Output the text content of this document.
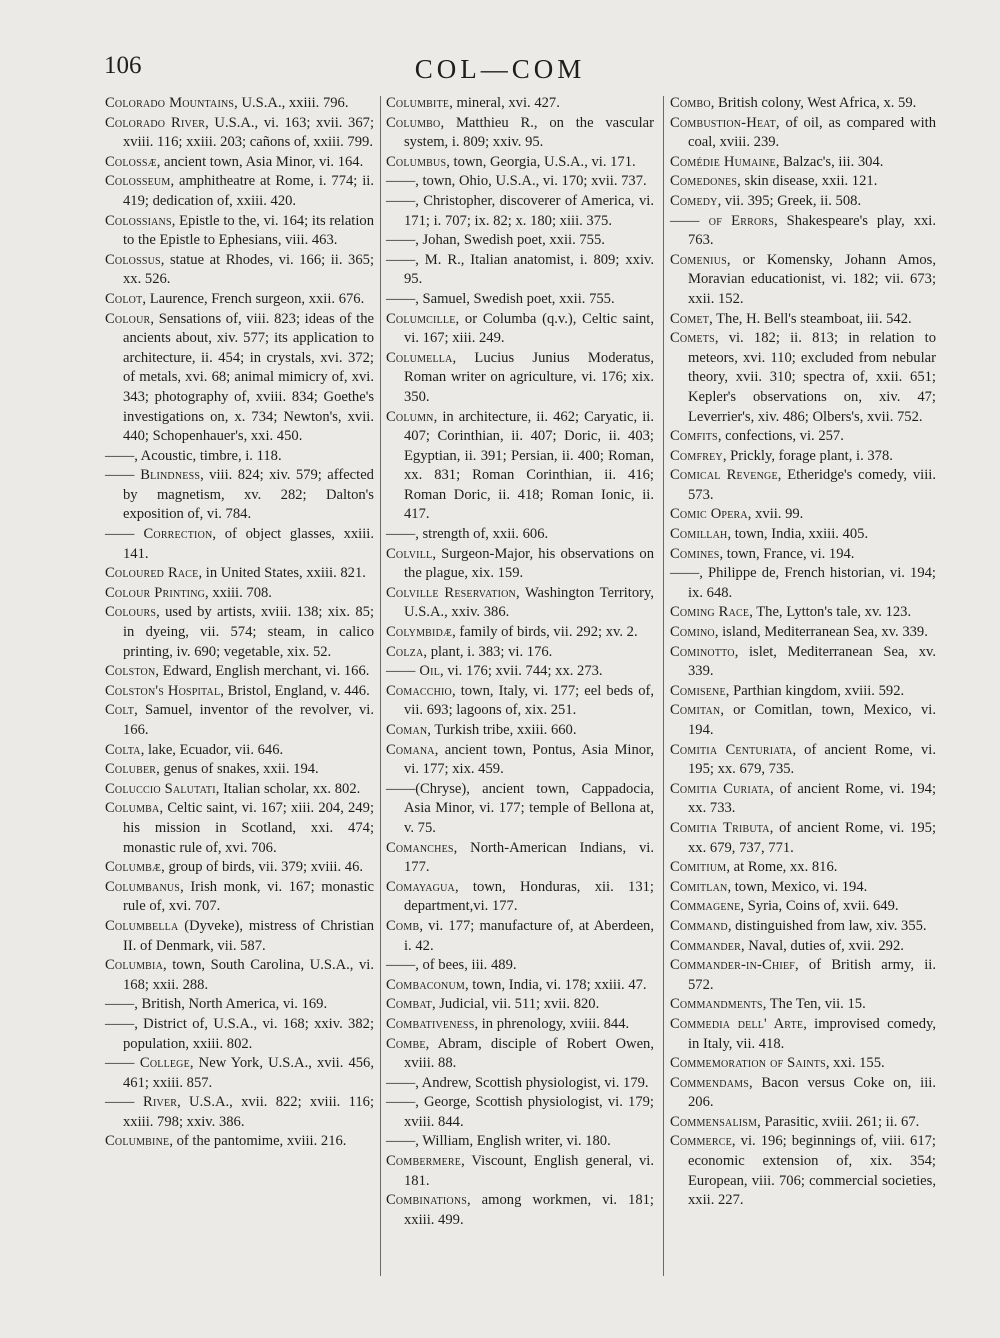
106	COL—COM

Colorado Mountains, U.S.A., xxiii. 796.

Colorado River, U.S.A., vi. 163; xvii. 367; xviii. 116; xxiii. 203; cañons of, xxiii. 799.

Colossæ, ancient town, Asia Minor, vi. 164.

Colosseum, amphitheatre at Rome, i. 774; ii. 419; dedication of, xxiii. 420.

Colossians, Epistle to the, vi. 164; its relation to the Epistle to Ephesians, viii. 463.

Colossus, statue at Rhodes, vi. 166; ii. 365; xx. 526.

Colot, Laurence, French surgeon, xxii. 676.

Colour, Sensations of, viii. 823; ideas of the ancients about, xiv. 577; its application to architecture, ii. 454; in crystals, xvi. 372; of metals, xvi. 68; animal mimicry of, xvi. 343; photography of, xviii. 834; Goethe's investigations on, x. 734; Newton's, xvii. 440; Schopenhauer's, xxi. 450.

——, Acoustic, timbre, i. 118.

—— Blindness, viii. 824; xiv. 579; affected by magnetism, xv. 282; Dalton's exposition of, vi. 784.

—— Correction, of object glasses, xxiii. 141.

Coloured Race, in United States, xxiii. 821.

Colour Printing, xxiii. 708.

Colours, used by artists, xviii. 138; xix. 85; in dyeing, vii. 574; steam, in calico printing, iv. 690; vegetable, xix. 52.

Colston, Edward, English merchant, vi. 166.

Colston's Hospital, Bristol, England, v. 446.

Colt, Samuel, inventor of the revolver, vi. 166.

Colta, lake, Ecuador, vii. 646.

Coluber, genus of snakes, xxii. 194.

Coluccio Salutati, Italian scholar, xx. 802.

Columba, Celtic saint, vi. 167; xiii. 204, 249; his mission in Scotland, xxi. 474; monastic rule of, xvi. 706.

Columbæ, group of birds, vii. 379; xviii. 46.

Columbanus, Irish monk, vi. 167; monastic rule of, xvi. 707.

Columbella (Dyveke), mistress of Christian II. of Denmark, vii. 587.

Columbia, town, South Carolina, U.S.A., vi. 168; xxii. 288.

——, British, North America, vi. 169.

——, District of, U.S.A., vi. 168; xxiv. 382; population, xxiii. 802.

—— College, New York, U.S.A., xvii. 456, 461; xxiii. 857.

—— River, U.S.A., xvii. 822; xviii. 116; xxiii. 798; xxiv. 386.

Columbine, of the pantomime, xviii. 216.

Columbite, mineral, xvi. 427.

Columbo, Matthieu R., on the vascular system, i. 809; xxiv. 95.

Columbus, town, Georgia, U.S.A., vi. 171.

——, town, Ohio, U.S.A., vi. 170; xvii. 737.

——, Christopher, discoverer of America, vi. 171; i. 707; ix. 82; x. 180; xiii. 375.

——, Johan, Swedish poet, xxii. 755.

——, M. R., Italian anatomist, i. 809; xxiv. 95.

——, Samuel, Swedish poet, xxii. 755.

Columcille, or Columba (q.v.), Celtic saint, vi. 167; xiii. 249.

Columella, Lucius Junius Moderatus, Roman writer on agriculture, vi. 176; xix. 350.

Column, in architecture, ii. 462; Caryatic, ii. 407; Corinthian, ii. 407; Doric, ii. 403; Egyptian, ii. 391; Persian, ii. 400; Roman, xx. 831; Roman Corinthian, ii. 416; Roman Doric, ii. 418; Roman Ionic, ii. 417.

——, strength of, xxii. 606.

Colvill, Surgeon-Major, his observations on the plague, xix. 159.

Colville Reservation, Washington Territory, U.S.A., xxiv. 386.

Colymbidæ, family of birds, vii. 292; xv. 2.

Colza, plant, i. 383; vi. 176.

—— Oil, vi. 176; xvii. 744; xx. 273.

Comacchio, town, Italy, vi. 177; eel beds of, vii. 693; lagoons of, xix. 251.

Coman, Turkish tribe, xxiii. 660.

Comana, ancient town, Pontus, Asia Minor, vi. 177; xix. 459.

——(Chryse), ancient town, Cappadocia, Asia Minor, vi. 177; temple of Bellona at, v. 75.

Comanches, North-American Indians, vi. 177.

Comayagua, town, Honduras, xii. 131; department,vi. 177.

Comb, vi. 177; manufacture of, at Aberdeen, i. 42.

——, of bees, iii. 489.

Combaconum, town, India, vi. 178; xxiii. 47.

Combat, Judicial, vii. 511; xvii. 820.

Combativeness, in phrenology, xviii. 844.

Combe, Abram, disciple of Robert Owen, xviii. 88.

——, Andrew, Scottish physiologist, vi. 179.

——, George, Scottish physiologist, vi. 179; xviii. 844.

——, William, English writer, vi. 180.

Combermere, Viscount, English general, vi. 181.

Combinations, among workmen, vi. 181; xxiii. 499.

Combo, British colony, West Africa, x. 59.

Combustion-Heat, of oil, as compared with coal, xviii. 239.

Comédie Humaine, Balzac's, iii. 304.

Comedones, skin disease, xxii. 121.

Comedy, vii. 395; Greek, ii. 508.

—— of Errors, Shakespeare's play, xxi. 763.

Comenius, or Komensky, Johann Amos, Moravian educationist, vi. 182; vii. 673; xxii. 152.

Comet, The, H. Bell's steamboat, iii. 542.

Comets, vi. 182; ii. 813; in relation to meteors, xvi. 110; excluded from nebular theory, xvii. 310; spectra of, xxii. 651; Kepler's observations on, xiv. 47; Leverrier's, xiv. 486; Olbers's, xvii. 752.

Comfits, confections, vi. 257.

Comfrey, Prickly, forage plant, i. 378.

Comical Revenge, Etheridge's comedy, viii. 573.

Comic Opera, xvii. 99.

Comillah, town, India, xxiii. 405.

Comines, town, France, vi. 194.

——, Philippe de, French historian, vi. 194; ix. 648.

Coming Race, The, Lytton's tale, xv. 123.

Comino, island, Mediterranean Sea, xv. 339.

Cominotto, islet, Mediterranean Sea, xv. 339.

Comisene, Parthian kingdom, xviii. 592.

Comitan, or Comitlan, town, Mexico, vi. 194.

Comitia Centuriata, of ancient Rome, vi. 195; xx. 679, 735.

Comitia Curiata, of ancient Rome, vi. 194; xx. 733.

Comitia Tributa, of ancient Rome, vi. 195; xx. 679, 737, 771.

Comitium, at Rome, xx. 816.

Comitlan, town, Mexico, vi. 194.

Commagene, Syria, Coins of, xvii. 649.

Command, distinguished from law, xiv. 355.

Commander, Naval, duties of, xvii. 292.

Commander-in-Chief, of British army, ii. 572.

Commandments, The Ten, vii. 15.

Commedia dell' Arte, improvised comedy, in Italy, vii. 418.

Commemoration of Saints, xxi. 155.

Commendams, Bacon versus Coke on, iii. 206.

Commensalism, Parasitic, xviii. 261; ii. 67.

Commerce, vi. 196; beginnings of, viii. 617; economic extension of, xix. 354; European, viii. 706; commercial societies, xxii. 227.
